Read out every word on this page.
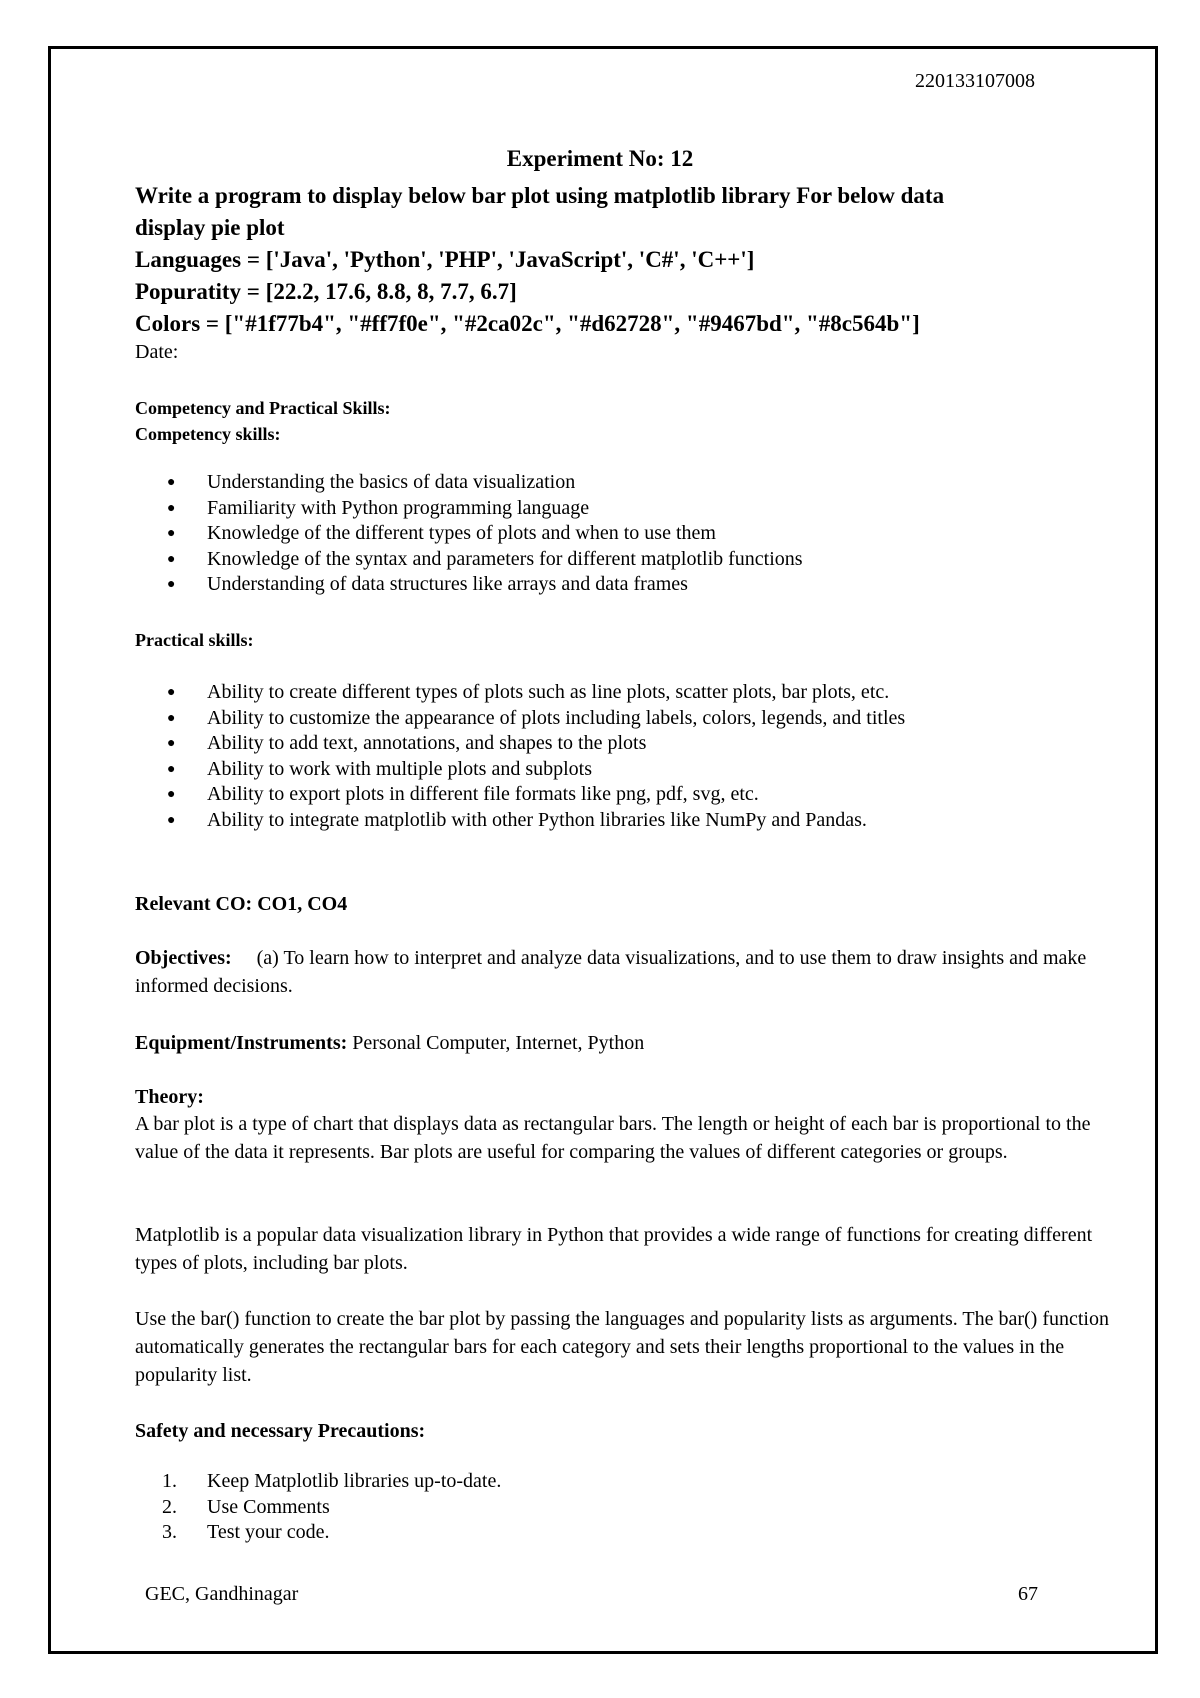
220133107008
Experiment No: 12
Write a program to display below bar plot using matplotlib library For below data
display pie plot
Languages = ['Java', 'Python', 'PHP', 'JavaScript', 'C#', 'C++']
Popuratity = [22.2, 17.6, 8.8, 8, 7.7, 6.7]
Colors = ["#1f77b4", "#ff7f0e", "#2ca02c", "#d62728", "#9467bd", "#8c564b"]
Date:
Competency and Practical Skills:
Competency skills:
● Understanding the basics of data visualization
● Familiarity with Python programming language
● Knowledge of the different types of plots and when to use them
● Knowledge of the syntax and parameters for different matplotlib functions
● Understanding of data structures like arrays and data frames
Practical skills:
● Ability to create different types of plots such as line plots, scatter plots, bar plots, etc.
● Ability to customize the appearance of plots including labels, colors, legends, and titles
● Ability to add text, annotations, and shapes to the plots
● Ability to work with multiple plots and subplots
● Ability to export plots in different file formats like png, pdf, svg, etc.
● Ability to integrate matplotlib with other Python libraries like NumPy and Pandas.
Relevant CO: CO1, CO4
Objectives: (a) To learn how to interpret and analyze data visualizations, and to use them to draw insights and make informed decisions.
Equipment/Instruments: Personal Computer, Internet, Python
Theory:
A bar plot is a type of chart that displays data as rectangular bars. The length or height of each bar is proportional to the value of the data it represents. Bar plots are useful for comparing the values of different categories or groups.
Matplotlib is a popular data visualization library in Python that provides a wide range of functions for creating different types of plots, including bar plots.
Use the bar() function to create the bar plot by passing the languages and popularity lists as arguments. The bar() function automatically generates the rectangular bars for each category and sets their lengths proportional to the values in the popularity list.
Safety and necessary Precautions:
1. Keep Matplotlib libraries up-to-date.
2. Use Comments
3. Test your code.
GEC, Gandhinagar	67
